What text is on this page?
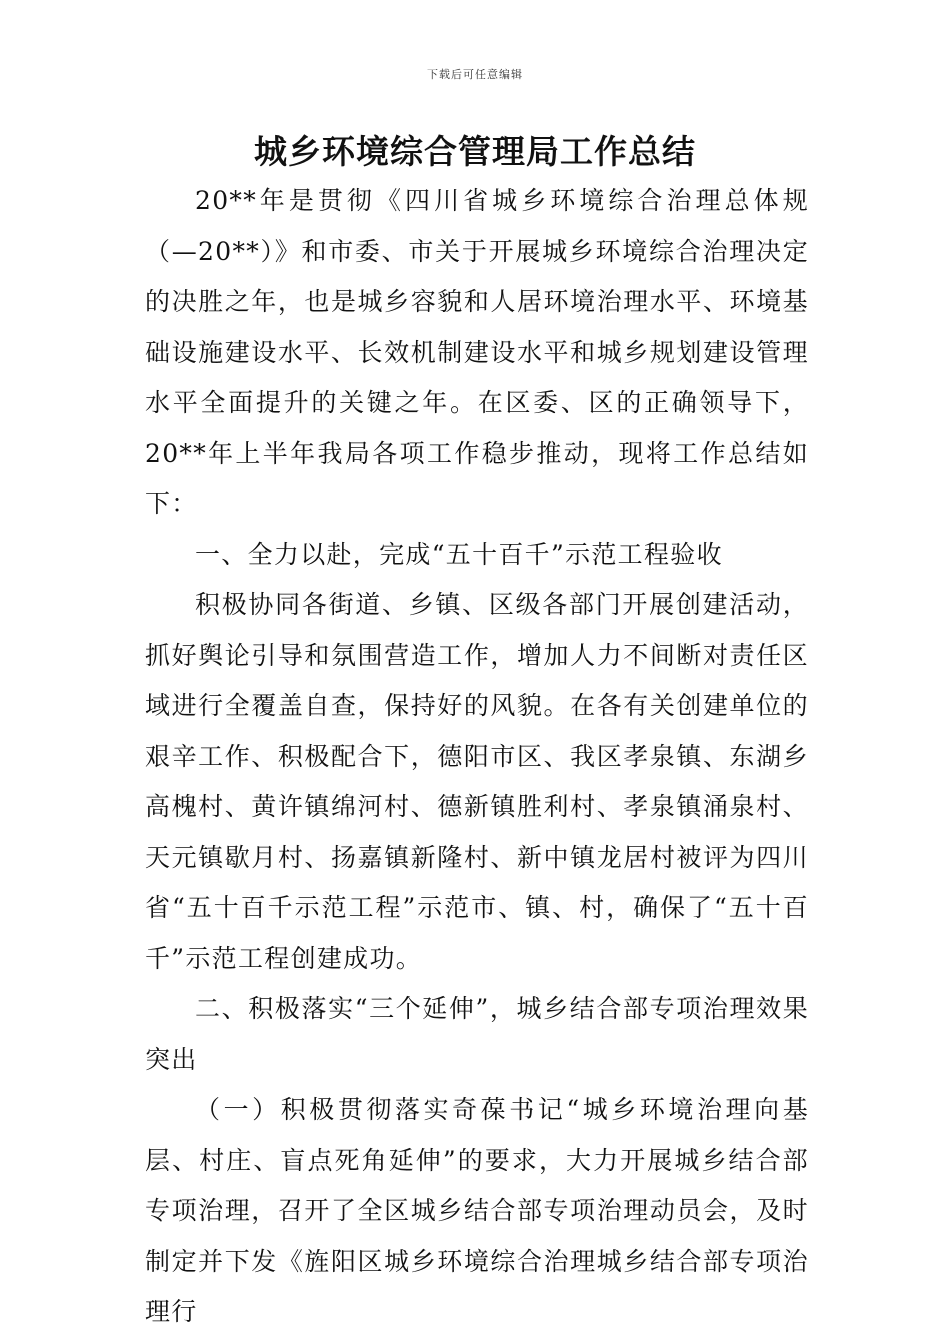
下载后可任意编辑
城乡环境综合管理局工作总结

20**年是贯彻《四川省城乡环境综合治理总体规（—20**）》和市委、市关于开展城乡环境综合治理决定的决胜之年，也是城乡容貌和人居环境治理水平、环境基础设施建设水平、长效机制建设水平和城乡规划建设管理水平全面提升的关键之年。在区委、区的正确领导下，20**年上半年我局各项工作稳步推动，现将工作总结如下：

一、全力以赴，完成“五十百千”示范工程验收

积极协同各街道、乡镇、区级各部门开展创建活动，抓好舆论引导和氛围营造工作，增加人力不间断对责任区域进行全覆盖自查，保持好的风貌。在各有关创建单位的艰辛工作、积极配合下，德阳市区、我区孝泉镇、东湖乡高槐村、黄许镇绵河村、德新镇胜利村、孝泉镇涌泉村、天元镇歇月村、扬嘉镇新隆村、新中镇龙居村被评为四川省“五十百千示范工程”示范市、镇、村，确保了“五十百千”示范工程创建成功。

二、积极落实“三个延伸”，城乡结合部专项治理效果突出

（一）积极贯彻落实奇葆书记“城乡环境治理向基层、村庄、盲点死角延伸”的要求，大力开展城乡结合部专项治理，召开了全区城乡结合部专项治理动员会，及时制定并下发《旌阳区城乡环境综合治理城乡结合部专项治理行
